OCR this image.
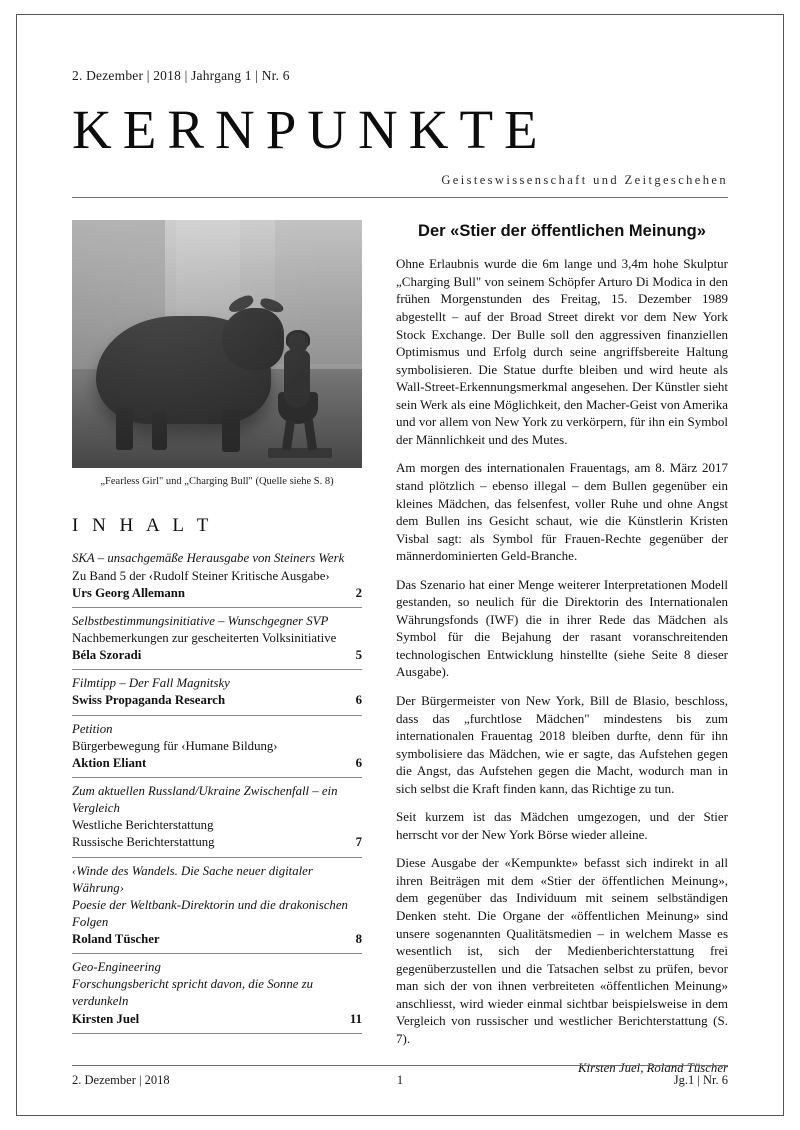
2. Dezember | 2018 | Jahrgang 1 | Nr. 6
KERNPUNKTE
Geisteswissenschaft und Zeitgeschehen
„Fearless Girl" und „Charging Bull" (Quelle siehe S. 8)
I N H A L T
SKA – unsachgemäße Herausgabe von Steiners Werk
Zu Band 5 der ‹Rudolf Steiner Kritische Ausgabe›
Urs Georg Allemann	2
Selbstbestimmungsinitiative – Wunschgegner SVP
Nachbemerkungen zur gescheiterten Volksinitiative
Béla Szoradi	5
Filmtipp – Der Fall Magnitsky
Swiss Propaganda Research	6
Petition
Bürgerbewegung für ‹Humane Bildung›
Aktion Eliant	6
Zum aktuellen Russland/Ukraine Zwischenfall – ein Vergleich
Westliche Berichterstattung
Russische Berichterstattung	7
‹Winde des Wandels. Die Sache neuer digitaler Währung›
Poesie der Weltbank-Direktorin und die drakonischen Folgen
Roland Tüscher	8
Geo-Engineering
Forschungsbericht spricht davon, die Sonne zu verdunkeln
Kirsten Juel	11
Der «Stier der öffentlichen Meinung»
Ohne Erlaubnis wurde die 6m lange und 3,4m hohe Skulptur „Charging Bull" von seinem Schöpfer Arturo Di Modica in den frühen Morgenstunden des Freitag, 15. Dezember 1989 abgestellt – auf der Broad Street direkt vor dem New York Stock Exchange. Der Bulle soll den aggressiven finanziellen Optimismus und Erfolg durch seine angriffsbereite Haltung symbolisieren. Die Statue durfte bleiben und wird heute als Wall-Street-Erkennungsmerkmal angesehen. Der Künstler sieht sein Werk als eine Möglichkeit, den Macher-Geist von Amerika und vor allem von New York zu verkörpern, für ihn ein Symbol der Männlichkeit und des Mutes.
Am morgen des internationalen Frauentags, am 8. März 2017 stand plötzlich – ebenso illegal – dem Bullen gegenüber ein kleines Mädchen, das felsenfest, voller Ruhe und ohne Angst dem Bullen ins Gesicht schaut, wie die Künstlerin Kristen Visbal sagt: als Symbol für Frauen-Rechte gegenüber der männerdominierten Geld-Branche.
Das Szenario hat einer Menge weiterer Interpretationen Modell gestanden, so neulich für die Direktorin des Internationalen Währungsfonds (IWF) die in ihrer Rede das Mädchen als Symbol für die Bejahung der rasant voranschreitenden technologischen Entwicklung hinstellte (siehe Seite 8 dieser Ausgabe).
Der Bürgermeister von New York, Bill de Blasio, beschloss, dass das „furchtlose Mädchen" mindestens bis zum internationalen Frauentag 2018 bleiben durfte, denn für ihn symbolisiere das Mädchen, wie er sagte, das Aufstehen gegen die Angst, das Aufstehen gegen die Macht, wodurch man in sich selbst die Kraft finden kann, das Richtige zu tun.
Seit kurzem ist das Mädchen umgezogen, und der Stier herrscht vor der New York Börse wieder alleine.
Diese Ausgabe der «Kempunkte» befasst sich indirekt in all ihren Beiträgen mit dem «Stier der öffentlichen Meinung», dem gegenüber das Individuum mit seinem selbständigen Denken steht. Die Organe der «öffentlichen Meinung» sind unsere sogenannten Qualitätsmedien – in welchem Masse es wesentlich ist, sich der Medienberichterstattung frei gegenüberzustellen und die Tatsachen selbst zu prüfen, bevor man sich der von ihnen verbreiteten «öffentlichen Meinung» anschliesst, wird wieder einmal sichtbar beispielsweise in dem Vergleich von russischer und westlicher Berichterstattung (S. 7).
Kirsten Juel, Roland Tüscher
2. Dezember | 2018	1	Jg.1 | Nr. 6
